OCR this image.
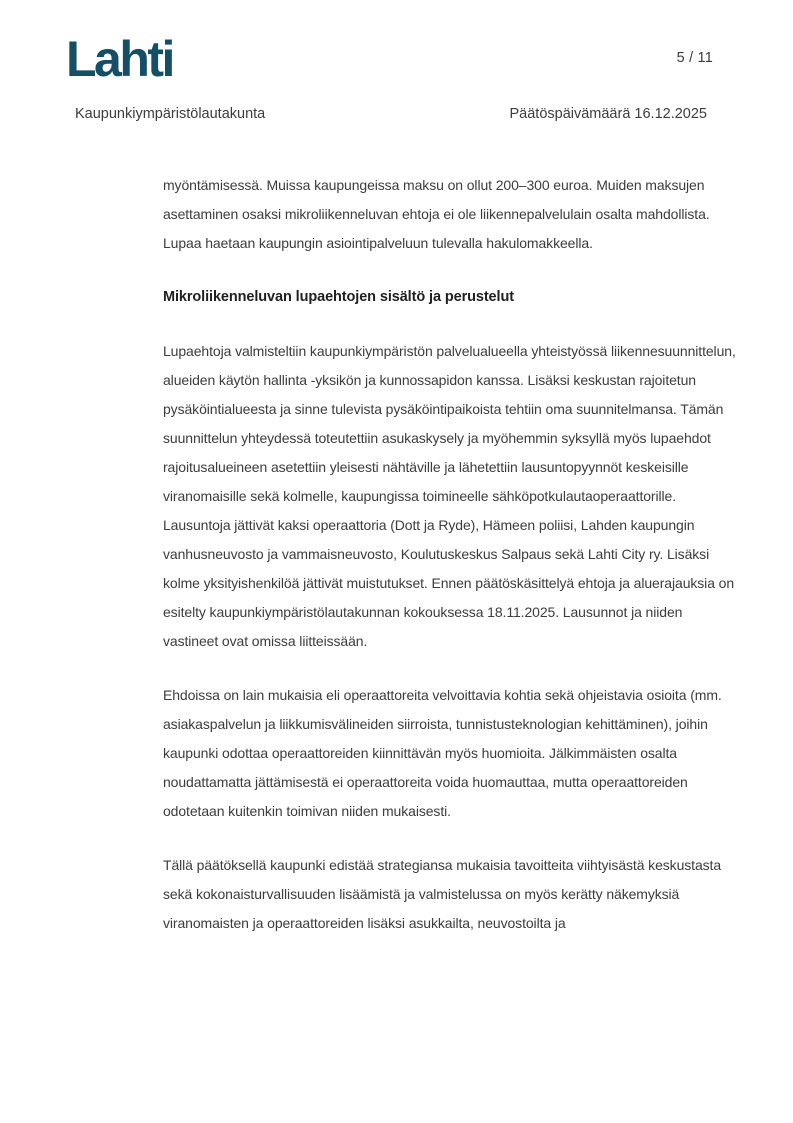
Lahti	5 / 11
Kaupunkiympäristölautakunta	Päätöspäivämäärä 16.12.2025

myöntämisessä. Muissa kaupungeissa maksu on ollut 200–300 euroa. Muiden maksujen asettaminen osaksi mikroliikenneluvan ehtoja ei ole liikennepalvelulain osalta mahdollista. Lupaa haetaan kaupungin asiointipalveluun tulevalla hakulomakkeella.

Mikroliikenneluvan lupaehtojen sisältö ja perustelut

Lupaehtoja valmisteltiin kaupunkiympäristön palvelualueella yhteistyössä liikennesuunnittelun, alueiden käytön hallinta -yksikön ja kunnossapidon kanssa. Lisäksi keskustan rajoitetun pysäköintialueesta ja sinne tulevista pysäköintipaikoista tehtiin oma suunnitelmansa. Tämän suunnittelun yhteydessä toteutettiin asukaskysely ja myöhemmin syksyllä myös lupaehdot rajoitusalueineen asetettiin yleisesti nähtäville ja lähetettiin lausuntopyynnöt keskeisille viranomaisille sekä kolmelle, kaupungissa toimineelle sähköpotkulautaoperaattorille. Lausuntoja jättivät kaksi operaattoria (Dott ja Ryde), Hämeen poliisi, Lahden kaupungin vanhusneuvosto ja vammaisneuvosto, Koulutuskeskus Salpaus sekä Lahti City ry. Lisäksi kolme yksityishenkilöä jättivät muistutukset. Ennen päätöskäsittelyä ehtoja ja aluerajauksia on esitelty kaupunkiympäristölautakunnan kokouksessa 18.11.2025. Lausunnot ja niiden vastineet ovat omissa liitteissään.

Ehdoissa on lain mukaisia eli operaattoreita velvoittavia kohtia sekä ohjeistavia osioita (mm. asiakaspalvelun ja liikkumisvälineiden siirroista, tunnistusteknologian kehittäminen), joihin kaupunki odottaa operaattoreiden kiinnittävän myös huomioita. Jälkimmäisten osalta noudattamatta jättämisestä ei operaattoreita voida huomauttaa, mutta operaattoreiden odotetaan kuitenkin toimivan niiden mukaisesti.

Tällä päätöksellä kaupunki edistää strategiansa mukaisia tavoitteita viihtyisästä keskustasta sekä kokonaisturvallisuuden lisäämistä ja valmistelussa on myös kerätty näkemyksiä viranomaisten ja operaattoreiden lisäksi asukkailta, neuvostoilta ja
